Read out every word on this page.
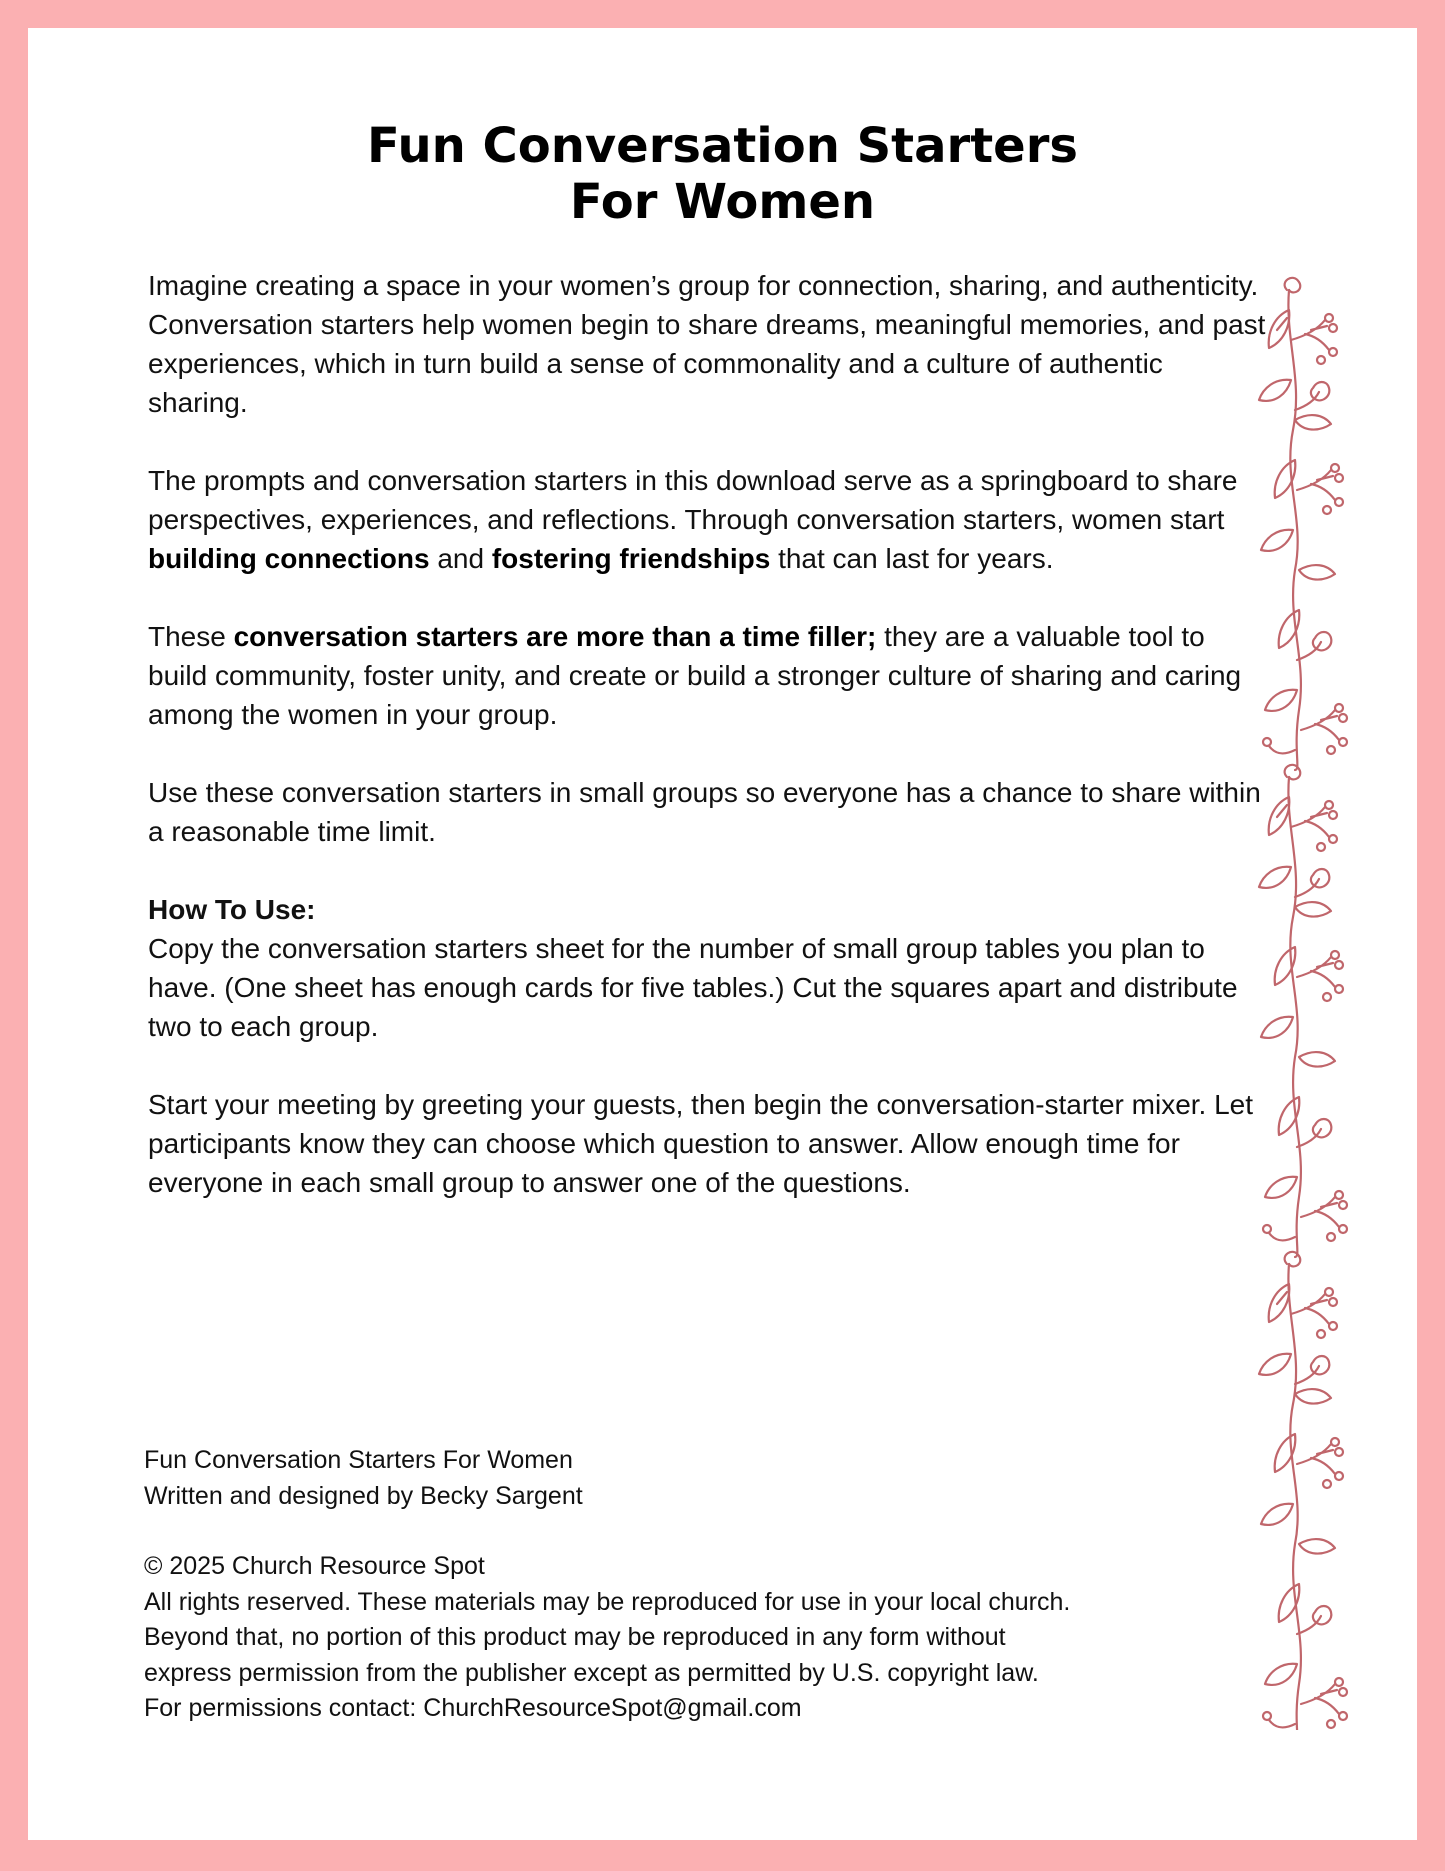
Fun Conversation Starters
For Women

Imagine creating a space in your women’s group for connection, sharing, and authenticity. Conversation starters help women begin to share dreams, meaningful memories, and past experiences, which in turn build a sense of commonality and a culture of authentic sharing.

The prompts and conversation starters in this download serve as a springboard to share perspectives, experiences, and reflections. Through conversation starters, women start building connections and fostering friendships that can last for years.

These conversation starters are more than a time filler; they are a valuable tool to build community, foster unity, and create or build a stronger culture of sharing and caring among the women in your group.

Use these conversation starters in small groups so everyone has a chance to share within a reasonable time limit.

How To Use:
Copy the conversation starters sheet for the number of small group tables you plan to have. (One sheet has enough cards for five tables.) Cut the squares apart and distribute two to each group.

Start your meeting by greeting your guests, then begin the conversation-starter mixer. Let participants know they can choose which question to answer. Allow enough time for everyone in each small group to answer one of the questions.

Fun Conversation Starters For Women
Written and designed by Becky Sargent

© 2025 Church Resource Spot
All rights reserved. These materials may be reproduced for use in your local church.
Beyond that, no portion of this product may be reproduced in any form without
express permission from the publisher except as permitted by U.S. copyright law.
For permissions contact: ChurchResourceSpot@gmail.com
